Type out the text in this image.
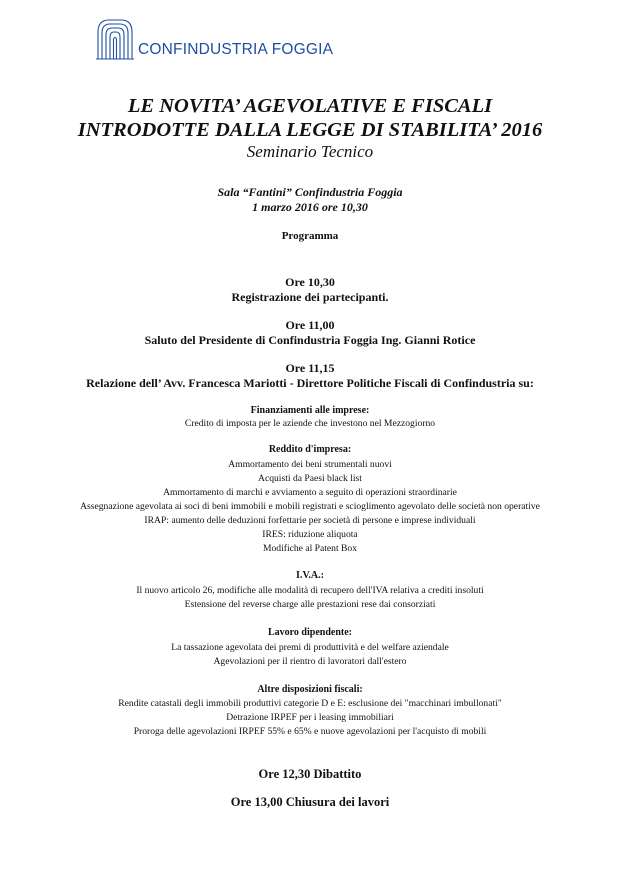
CONFINDUSTRIA FOGGIA
LE NOVITA’ AGEVOLATIVE E FISCALI
INTRODOTTE DALLA LEGGE DI STABILITA’ 2016
Seminario Tecnico
Sala “Fantini” Confindustria Foggia
1 marzo 2016 ore 10,30
Programma
Ore 10,30
Registrazione dei partecipanti.
Ore 11,00
Saluto del Presidente di Confindustria Foggia Ing. Gianni Rotice
Ore 11,15
Relazione dell’ Avv. Francesca Mariotti - Direttore Politiche Fiscali di Confindustria su:
Finanziamenti alle imprese:
Credito di imposta per le aziende che investono nel Mezzogiorno
Reddito d'impresa:
Ammortamento dei beni strumentali nuovi
Acquisti da Paesi black list
Ammortamento di marchi e avviamento a seguito di operazioni straordinarie
Assegnazione agevolata ai soci di beni immobili e mobili registrati e scioglimento agevolato delle società non operative
IRAP: aumento delle deduzioni forfettarie per società di persone e imprese individuali
IRES: riduzione aliquota
Modifiche al Patent Box
I.V.A.:
Il nuovo articolo 26, modifiche alle modalità di recupero dell'IVA relativa a crediti insoluti
Estensione del reverse charge alle prestazioni rese dai consorziati
Lavoro dipendente:
La tassazione agevolata dei premi di produttività e del welfare aziendale
Agevolazioni per il rientro di lavoratori dall'estero
Altre disposizioni fiscali:
Rendite catastali degli immobili produttivi categorie D e E: esclusione dei "macchinari imbullonati"
Detrazione IRPEF per i leasing immobiliari
Proroga delle agevolazioni IRPEF 55% e 65% e nuove agevolazioni per l'acquisto di mobili
Ore 12,30 Dibattito
Ore 13,00 Chiusura dei lavori
